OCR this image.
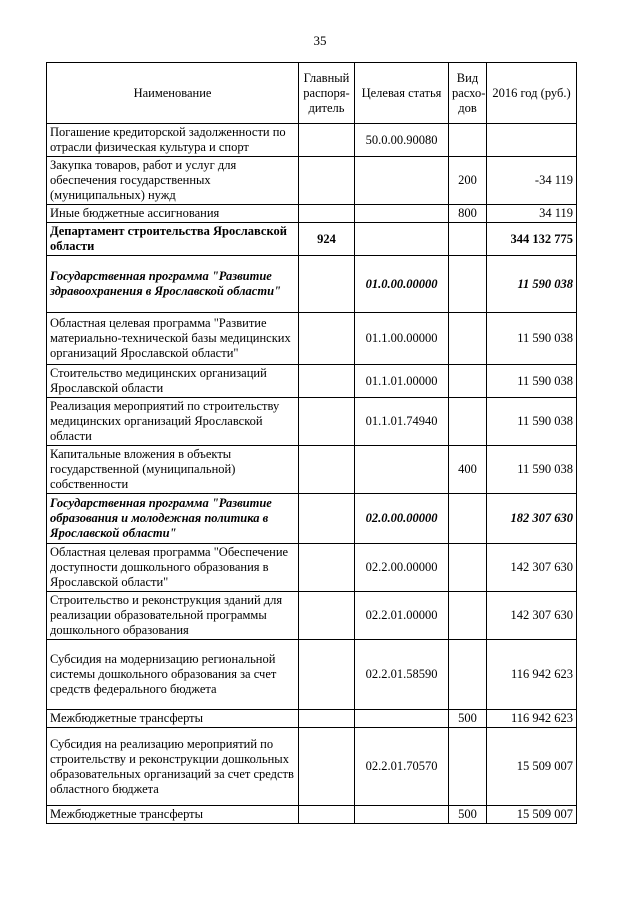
35
Наименование	Главный распоря-дитель	Целевая статья	Вид расхо-дов	2016 год (руб.)
Погашение кредиторской задолженности по отрасли физическая культура и спорт		50.0.00.90080		
Закупка товаров, работ и услуг для обеспечения государственных (муниципальных) нужд			200	-34 119
Иные бюджетные ассигнования			800	34 119
Департамент строительства Ярославской области	924			344 132 775
Государственная программа "Развитие здравоохранения в Ярославской области"		01.0.00.00000		11 590 038
Областная целевая программа "Развитие материально-технической базы медицинских организаций Ярославской области"		01.1.00.00000		11 590 038
Стоительство медицинских организаций Ярославской области		01.1.01.00000		11 590 038
Реализация мероприятий по строительству медицинских организаций Ярославской области		01.1.01.74940		11 590 038
Капитальные вложения в объекты государственной (муниципальной) собственности			400	11 590 038
Государственная программа "Развитие образования и молодежная политика в Ярославской области"		02.0.00.00000		182 307 630
Областная целевая программа "Обеспечение доступности дошкольного образования в Ярославской области"		02.2.00.00000		142 307 630
Строительство и реконструкция зданий для реализации образовательной программы дошкольного образования		02.2.01.00000		142 307 630
Субсидия на модернизацию региональной системы дошкольного образования за счет средств федерального бюджета		02.2.01.58590		116 942 623
Межбюджетные трансферты			500	116 942 623
Субсидия на реализацию мероприятий по строительству и реконструкции дошкольных образовательных организаций за счет средств областного бюджета		02.2.01.70570		15 509 007
Межбюджетные трансферты			500	15 509 007
